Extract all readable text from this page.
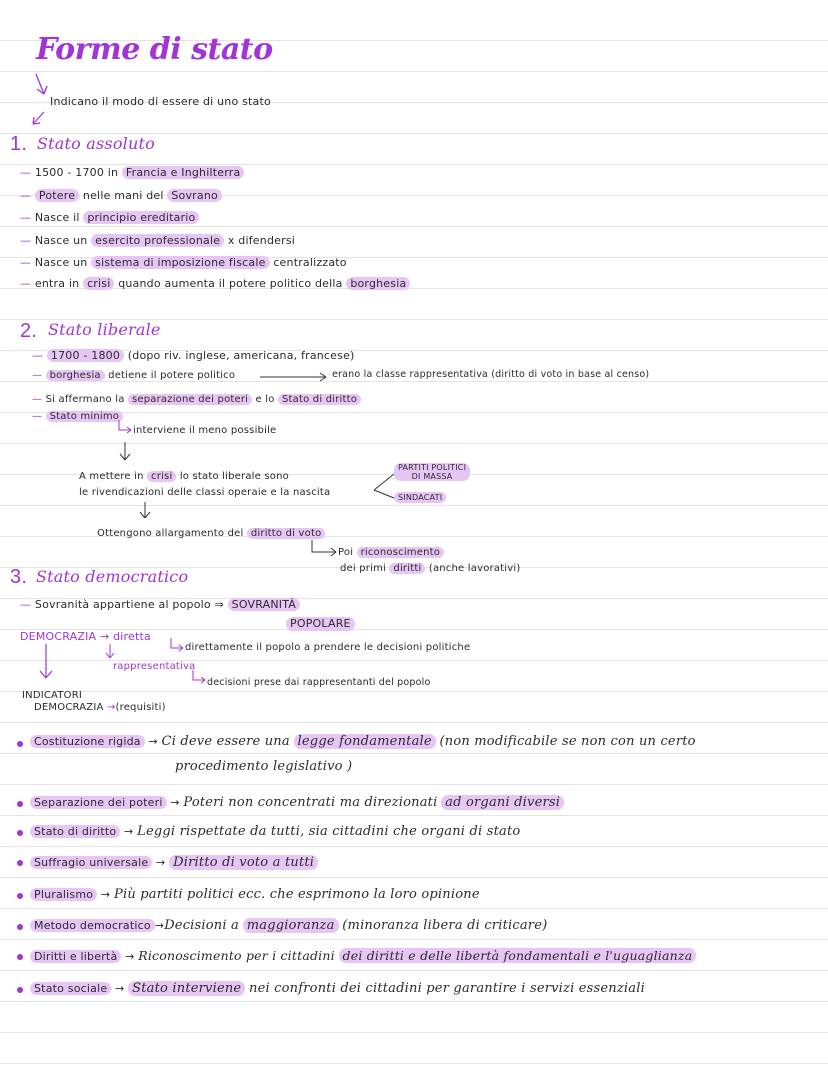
Forme di stato
Indicano il modo di essere di uno stato
1. Stato assoluto
— 1500 - 1700 in Francia e Inghilterra
— Potere nelle mani del Sovrano
— Nasce il principio ereditario
— Nasce un esercito professionale x difendersi
— Nasce un sistema di imposizione fiscale centralizzato
— entra in crisi quando aumenta il potere politico della borghesia
2. Stato liberale
— 1700 - 1800 (dopo riv. inglese, americana, francese)
— borghesia detiene il potere politico	erano la classe rappresentativa (diritto di voto in base al censo)
— Si affermano la separazione dei poteri e lo Stato di diritto
— Stato minimo
interviene il meno possibile
A mettere in crisi lo stato liberale sono
le rivendicazioni delle classi operaie e la nascita
PARTITI POLITICI
DI MASSA
SINDACATI
Ottengono allargamento del diritto di voto
Poi riconoscimento
dei primi diritti (anche lavorativi)
3. Stato democratico
— Sovranità appartiene al popolo ⇒ SOVRANITÀ
POPOLARE
DEMOCRAZIA → diretta
direttamente il popolo a prendere le decisioni politiche
rappresentativa
decisioni prese dai rappresentanti del popolo
INDICATORI
DEMOCRAZIA →(requisiti)
Costituzione rigida → Ci deve essere una legge fondamentale (non modificabile se non con un certo
procedimento legislativo )
Separazione dei poteri → Poteri non concentrati ma direzionati ad organi diversi
Stato di diritto → Leggi rispettate da tutti, sia cittadini che organi di stato
Suffragio universale → Diritto di voto a tutti
Pluralismo → Più partiti politici ecc. che esprimono la loro opinione
Metodo democratico →Decisioni a maggioranza (minoranza libera di criticare)
Diritti e libertà → Riconoscimento per i cittadini dei diritti e delle libertà fondamentali e l'uguaglianza
Stato sociale → Stato interviene nei confronti dei cittadini per garantire i servizi essenziali
